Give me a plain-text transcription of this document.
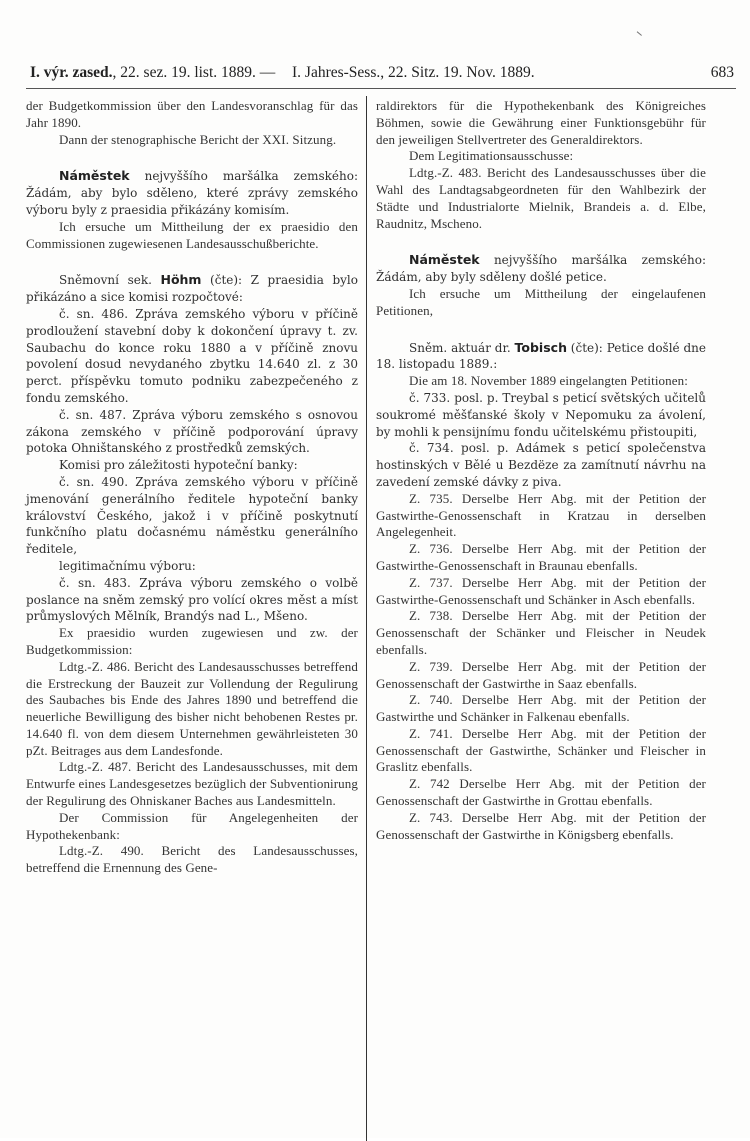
I. výr. zased., 22. sez. 19. list. 1889. — I. Jahres-Sess., 22. Sitz. 19. Nov. 1889.	683

der Budgetkommission über den Landesvoranschlag für das Jahr 1890.

Dann der stenographische Bericht der XXI. Sitzung.

Náměstek nejvyššího maršálka zemského: Žádám, aby bylo sděleno, které zprávy zemského výboru byly z praesidia přikázány komisím.

Ich ersuche um Mittheilung der ex praesidio den Commissionen zugewiesenen Landesausschußberichte.

Sněmovní sek. Höhm (čte): Z praesidia bylo přikázáno a sice komisi rozpočtové:

č. sn. 486. Zpráva zemského výboru v příčině prodloužení stavební doby k dokončení úpravy t. zv. Saubachu do konce roku 1880 a v příčině znovu povolení dosud nevydaného zbytku 14.640 zl. z 30 perct. příspěvku tomuto podniku zabezpečeného z fondu zemského.

č. sn. 487. Zpráva výboru zemského s osnovou zákona zemského v příčině podporování úpravy potoka Ohništanského z prostředků zemských.

Komisi pro záležitosti hypoteční banky:

č. sn. 490. Zpráva zemského výboru v příčině jmenování generálního ředitele hypoteční banky království Českého, jakož i v příčině poskytnutí funkčního platu dočasnému náměstku generálního ředitele,

legitimačnímu výboru:

č. sn. 483. Zpráva výboru zemského o volbě poslance na sněm zemský pro volící okres měst a míst průmyslových Mělník, Brandýs nad L., Mšeno.

Ex praesidio wurden zugewiesen und zw. der Budgetkommission:

Ldtg.-Z. 486. Bericht des Landesausschusses betreffend die Erstreckung der Bauzeit zur Vollendung der Regulirung des Saubaches bis Ende des Jahres 1890 und betreffend die neuerliche Bewilligung des bisher nicht behobenen Restes pr. 14.640 fl. von dem diesem Unternehmen gewährleisteten 30 pZt. Beitrages aus dem Landesfonde.

Ldtg.-Z. 487. Bericht des Landesausschusses, mit dem Entwurfe eines Landesgesetzes bezüglich der Subventionirung der Regulirung des Ohniskaner Baches aus Landesmitteln.

Der Commission für Angelegenheiten der Hypothekenbank:

Ldtg.-Z. 490. Bericht des Landesausschusses, betreffend die Ernennung des Gene-

raldirektors für die Hypothekenbank des Königreiches Böhmen, sowie die Gewährung einer Funktionsgebühr für den jeweiligen Stellvertreter des Generaldirektors.

Dem Legitimationsausschusse:

Ldtg.-Z. 483. Bericht des Landesausschusses über die Wahl des Landtagsabgeordneten für den Wahlbezirk der Städte und Industrialorte Mielnik, Brandeis a. d. Elbe, Raudnitz, Mscheno.

Náměstek nejvyššího maršálka zemského: Žádám, aby byly sděleny došlé petice.

Ich ersuche um Mittheilung der eingelaufenen Petitionen,

Sněm. aktuár dr. Tobisch (čte): Petice došlé dne 18. listopadu 1889.:

Die am 18. November 1889 eingelangten Petitionen:

č. 733. posl. p. Treybal s peticí světských učitelů soukromé měšťanské školy v Nepomuku za ávolení, by mohli k pensijnímu fondu učitelskému přistoupiti,

č. 734. posl. p. Adámek s peticí společenstva hostinských v Bělé u Bezdëze za zamítnutí návrhu na zavedení zemské dávky z piva.

Z. 735. Derselbe Herr Abg. mit der Petition der Gastwirthe-Genossenschaft in Kratzau in derselben Angelegenheit.

Z. 736. Derselbe Herr Abg. mit der Petition der Gastwirthe-Genossenschaft in Braunau ebenfalls.

Z. 737. Derselbe Herr Abg. mit der Petition der Gastwirthe-Genossenschaft und Schänker in Asch ebenfalls.

Z. 738. Derselbe Herr Abg. mit der Petition der Genossenschaft der Schänker und Fleischer in Neudek ebenfalls.

Z. 739. Derselbe Herr Abg. mit der Petition der Genossenschaft der Gastwirthe in Saaz ebenfalls.

Z. 740. Derselbe Herr Abg. mit der Petition der Gastwirthe und Schänker in Falkenau ebenfalls.

Z. 741. Derselbe Herr Abg. mit der Petition der Genossenschaft der Gastwirthe, Schänker und Fleischer in Graslitz ebenfalls.

Z. 742 Derselbe Herr Abg. mit der Petition der Genossenschaft der Gastwirthe in Grottau ebenfalls.

Z. 743. Derselbe Herr Abg. mit der Petition der Genossenschaft der Gastwirthe in Königsberg ebenfalls.
